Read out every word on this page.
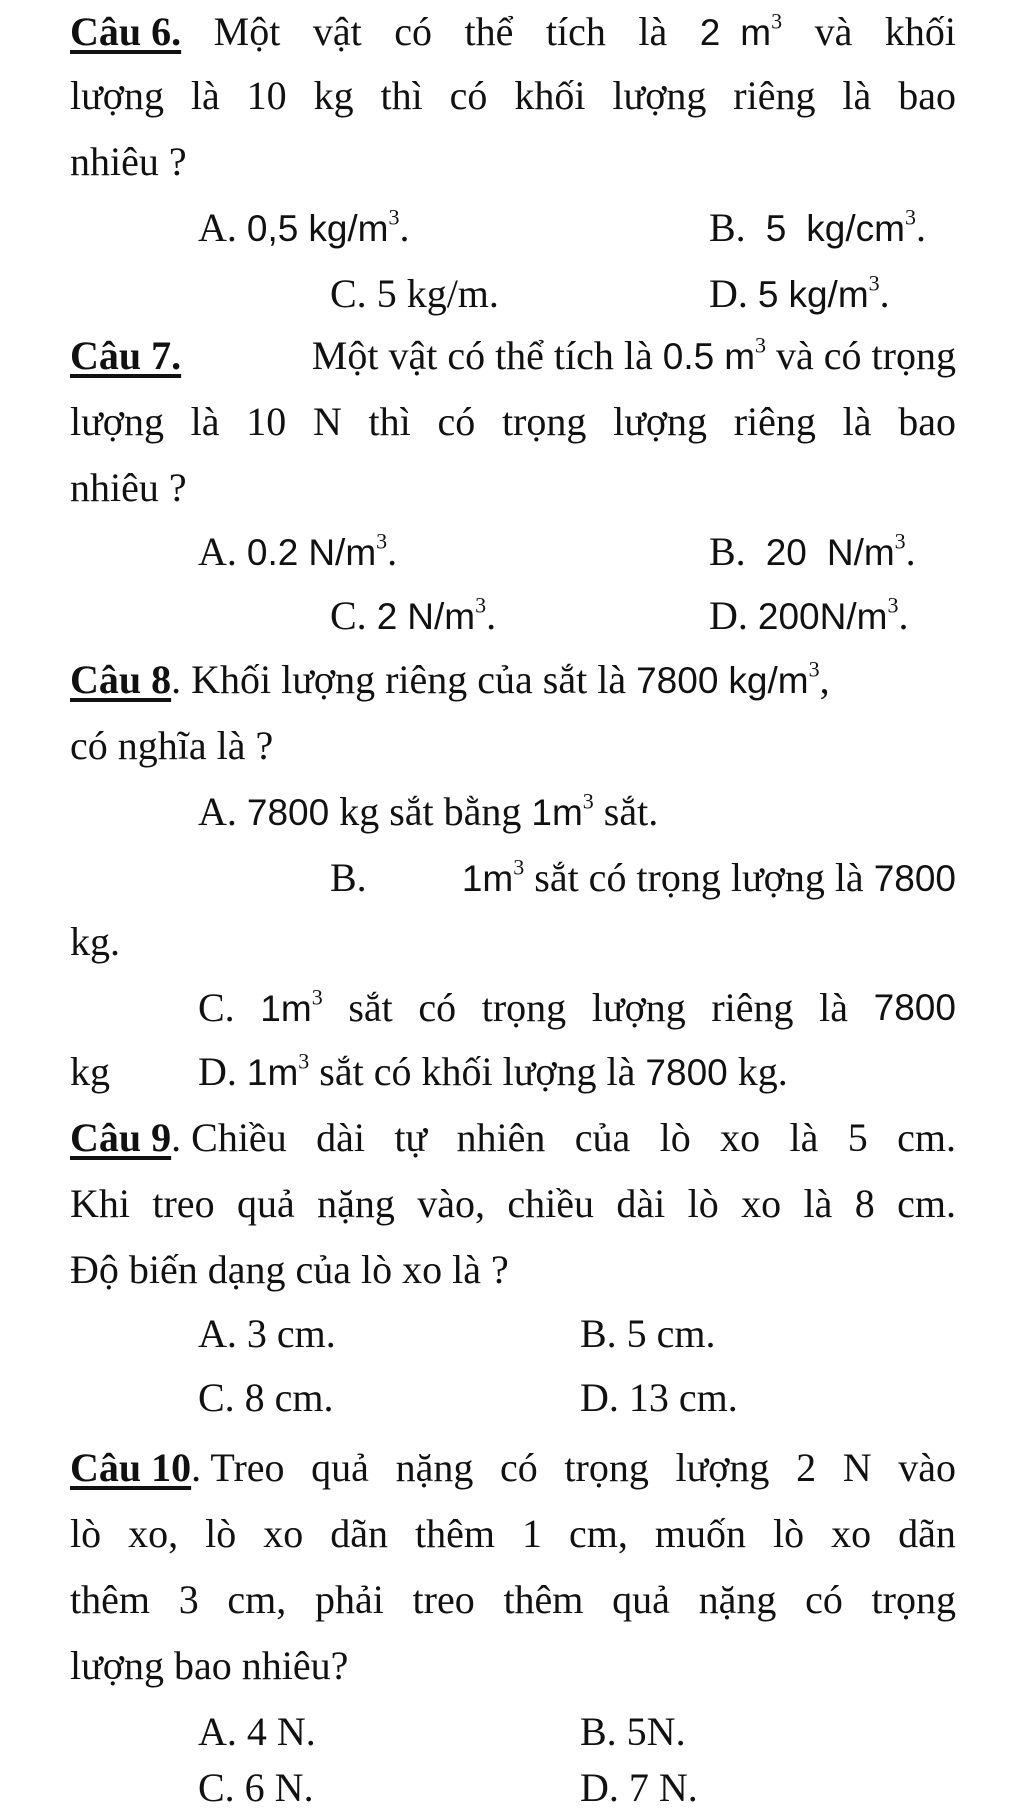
Câu 6. Một vật có thể tích là 2 $m^3$ và khối
lượng là 10 kg thì có khối lượng riêng là bao
nhiêu ?
A. 0,5 $kg/m^3$.	B. 5 $kg/cm^3$.
C. 5 kg/m.	D. 5 $kg/m^3$.
Câu 7.	Một vật có thể tích là 0.5 $m^3$ và có trọng
lượng là 10 N thì có trọng lượng riêng là bao
nhiêu ?
A. 0.2 $N/m^3$.	B. 20 $N/m^3$.
C. 2 $N/m^3$.	D. $200N/m^3$.
Câu 8. Khối lượng riêng của sắt là 7800 $kg/m^3$,
có nghĩa là ?
A. 7800 kg sắt bằng $1m^3$ sắt.
B.	$1m^3$ sắt có trọng lượng là 7800
kg.
C. $1m^3$ sắt có trọng lượng riêng là 7800
kg D. $1m^3$ sắt có khối lượng là 7800 kg.
Câu 9. Chiều dài tự nhiên của lò xo là 5 cm.
Khi treo quả nặng vào, chiều dài lò xo là 8 cm.
Độ biến dạng của lò xo là ?
A. 3 cm.	B. 5 cm.
C. 8 cm.	D. 13 cm.
Câu 10. Treo quả nặng có trọng lượng 2 N vào
lò xo, lò xo dãn thêm 1 cm, muốn lò xo dãn
thêm 3 cm, phải treo thêm quả nặng có trọng
lượng bao nhiêu?
A. 4 N.	B. 5N.
C. 6 N.	D. 7 N.
